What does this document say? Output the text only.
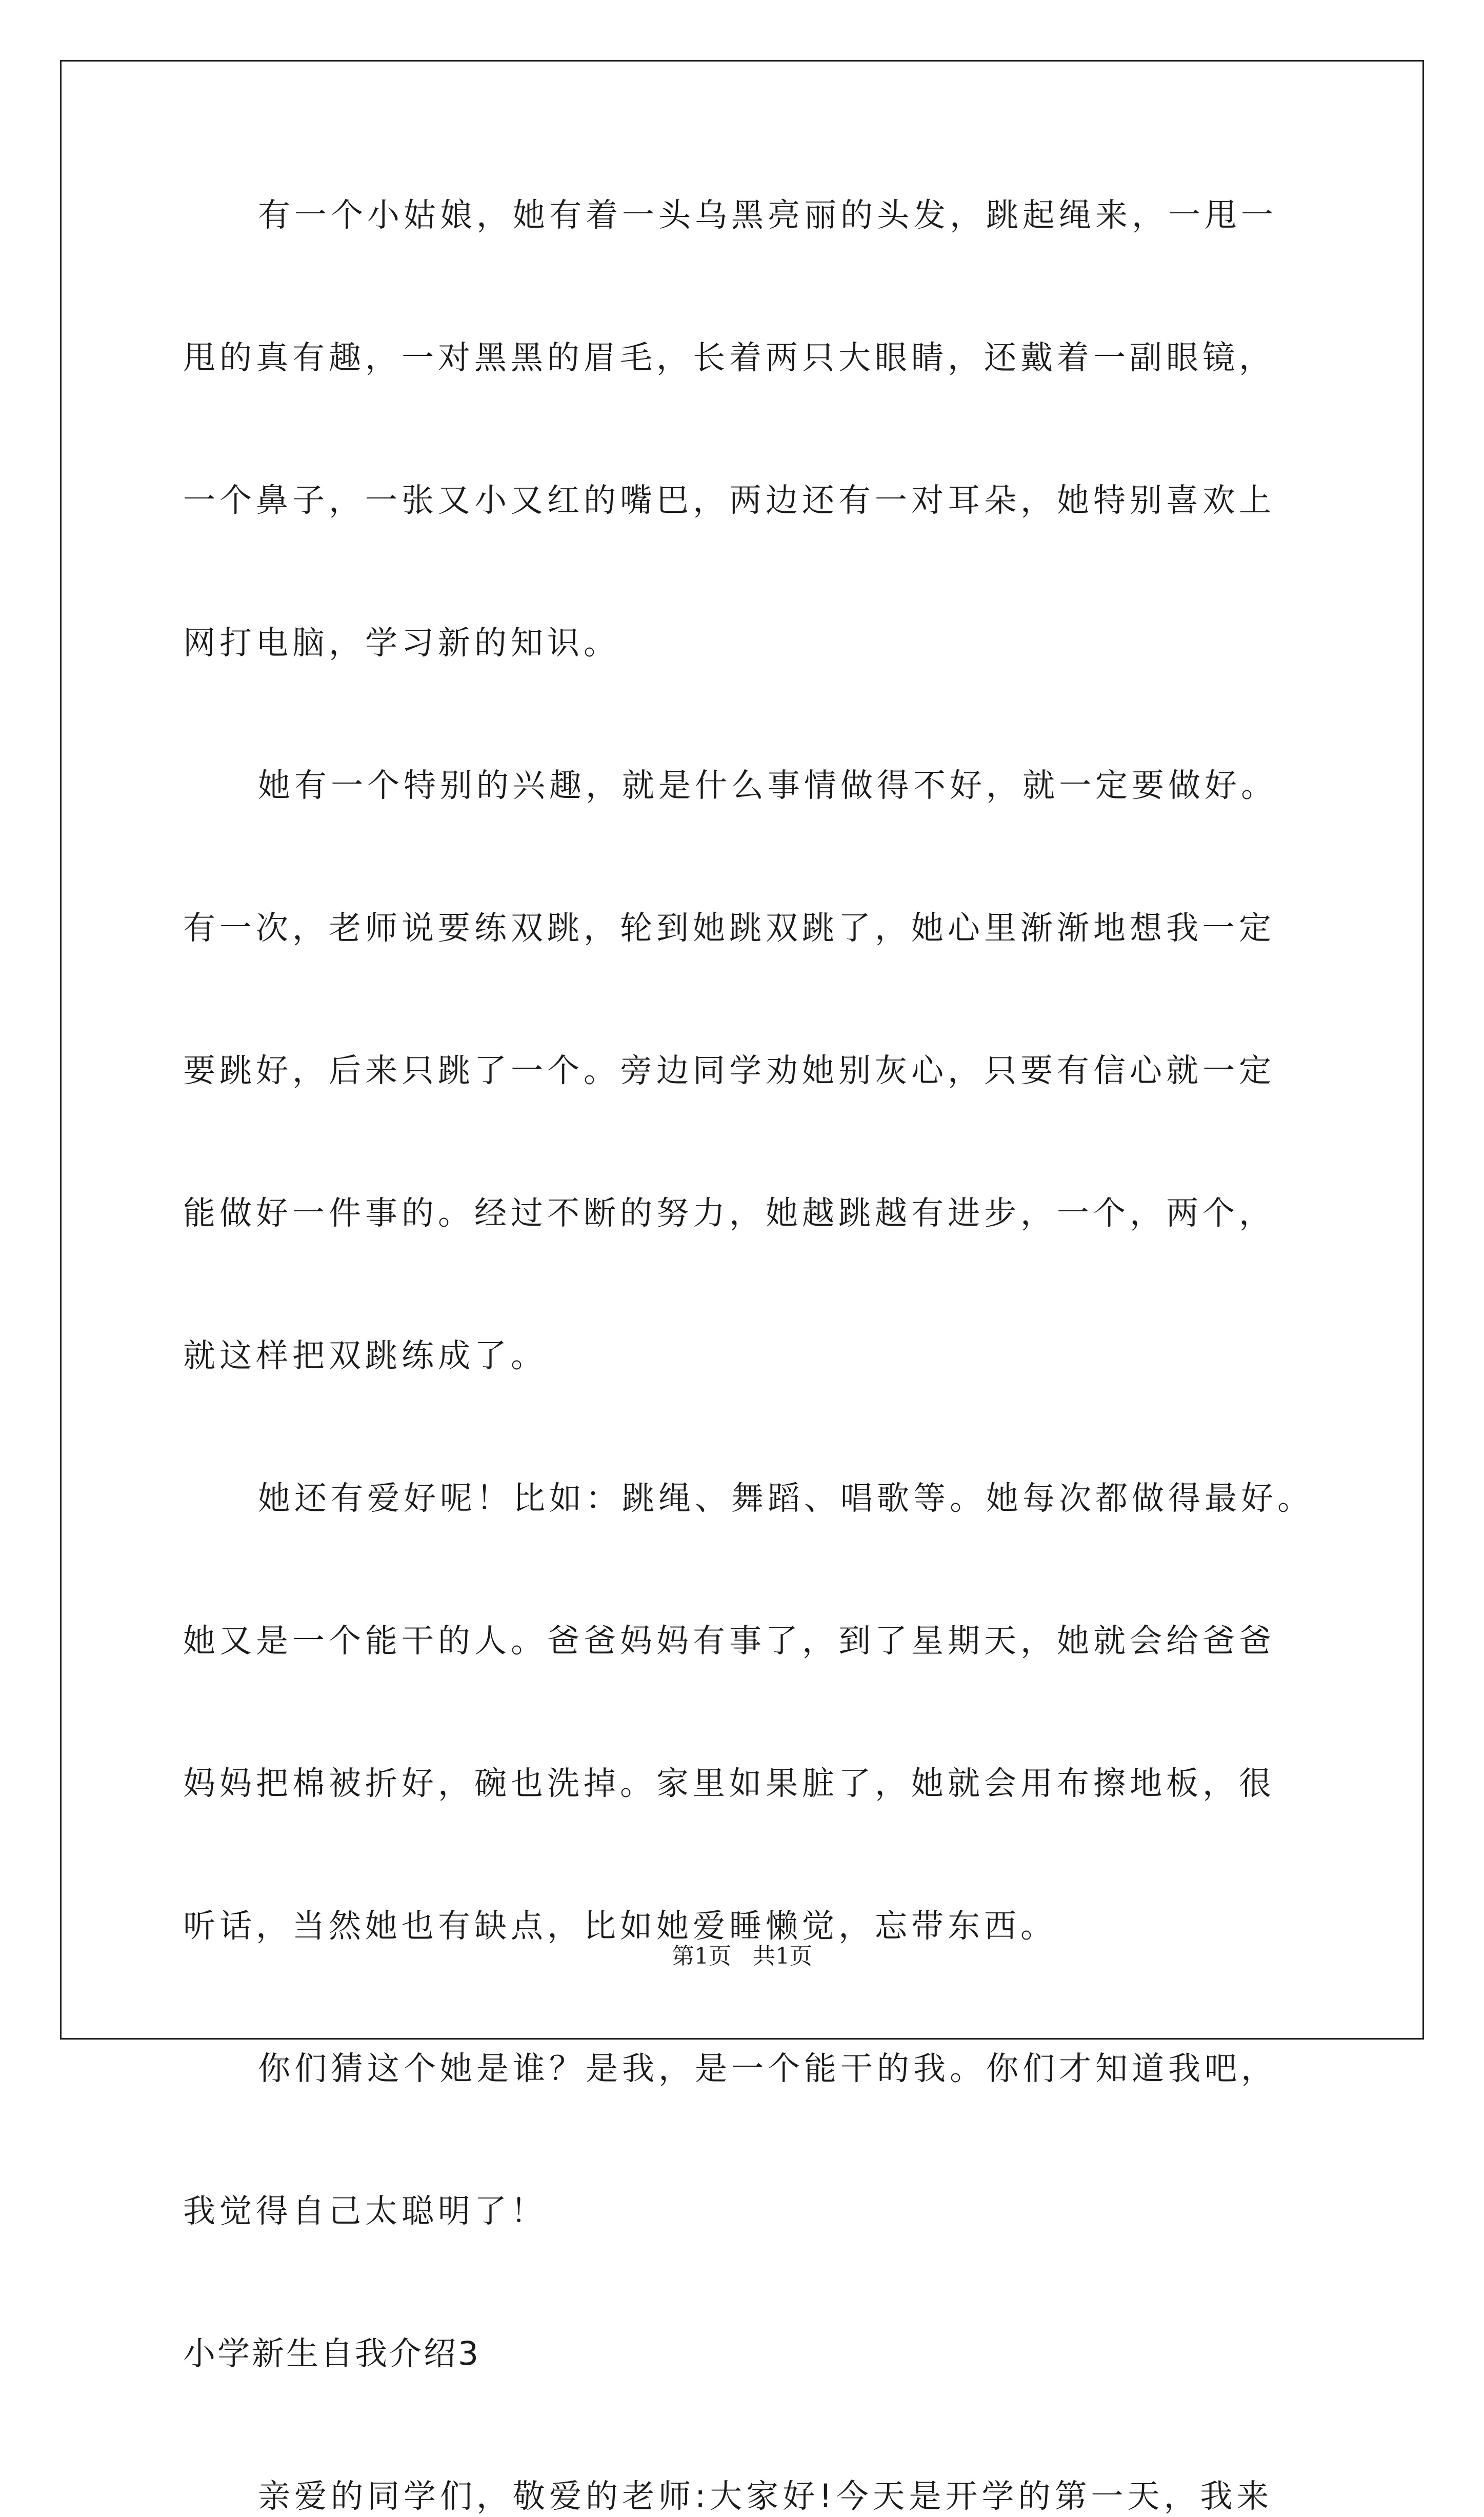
有一个小姑娘，她有着一头乌黑亮丽的头发，跳起绳来，一甩一
甩的真有趣，一对黑黑的眉毛，长着两只大眼睛，还戴着一副眼镜，
一个鼻子，一张又小又红的嘴巴，两边还有一对耳朵，她特别喜欢上
网打电脑，学习新的知识。
她有一个特别的兴趣，就是什么事情做得不好，就一定要做好。
有一次，老师说要练双跳，轮到她跳双跳了，她心里渐渐地想我一定
要跳好，后来只跳了一个。旁边同学劝她别灰心，只要有信心就一定
能做好一件事的。经过不断的努力，她越跳越有进步，一个，两个，
就这样把双跳练成了。
她还有爱好呢！比如：跳绳、舞蹈、唱歌等。她每次都做得最好。
她又是一个能干的人。爸爸妈妈有事了，到了星期天，她就会给爸爸
妈妈把棉被折好，碗也洗掉。家里如果脏了，她就会用布擦地板，很
听话，当然她也有缺点，比如她爱睡懒觉，忘带东西。
你们猜这个她是谁？是我，是一个能干的我。你们才知道我吧，
我觉得自己太聪明了！
小学新生自我介绍3
亲爱的同学们，敬爱的老师:大家好!今天是开学的第一天，我来
第1页 共1页
